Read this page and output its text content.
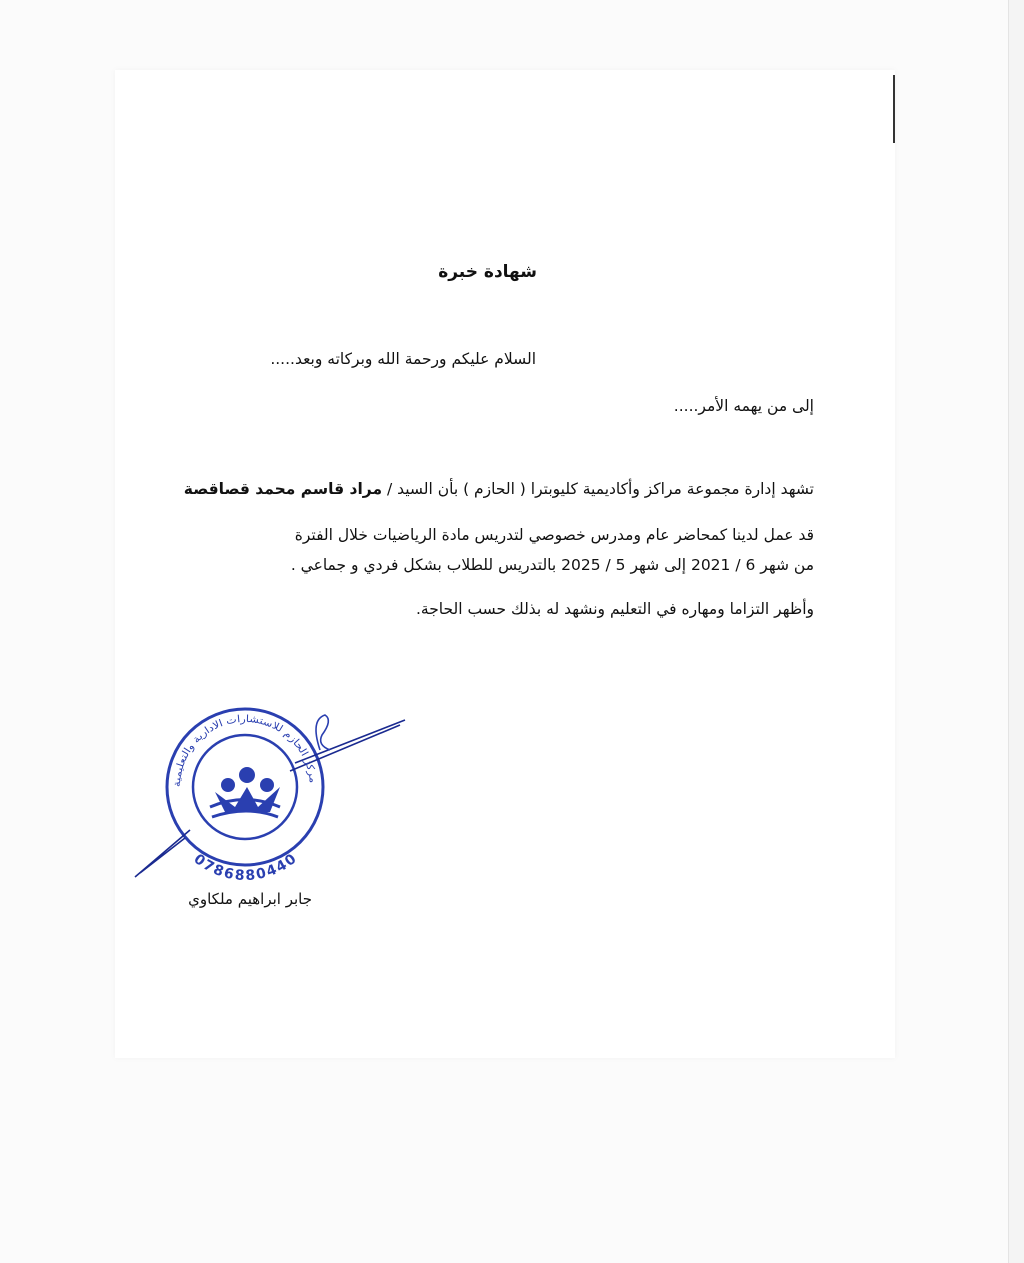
شهادة خبرة
السلام عليكم ورحمة الله وبركاته وبعد.....
إلى من يهمه الأمر.....
تشهد إدارة مجموعة مراكز وأكاديمية كليوبترا ( الحازم ) بأن السيد / مراد قاسم محمد قصاقصة
قد عمل لدينا كمحاضر عام ومدرس خصوصي لتدريس مادة الرياضيات خلال الفترة
من شهر 6 / 2021 إلى شهر 5 / 2025 بالتدريس للطلاب بشكل فردي و جماعي .
وأظهر التزاما ومهاره في التعليم ونشهد له بذلك حسب الحاجة.
مركز الحازم للاستشارات الادارية والتعليمية
0786880440
جابر ابراهيم ملكاوي
